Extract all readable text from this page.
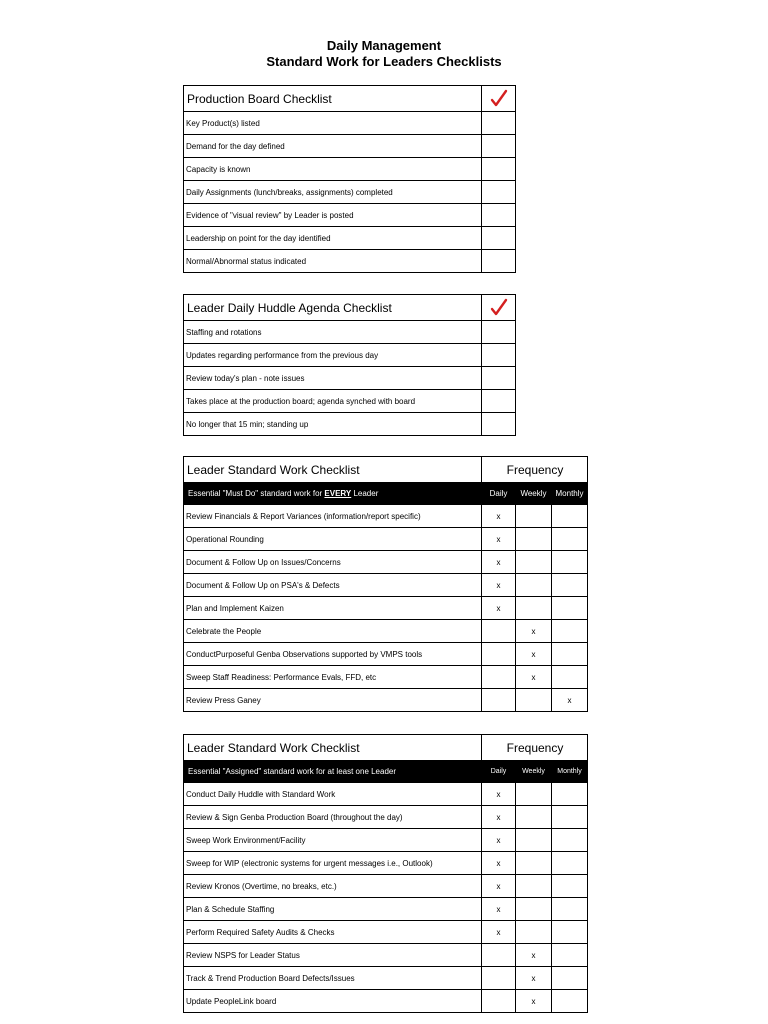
Daily Management
Standard Work for Leaders Checklists
Production Board Checklist	

Key Product(s) listed	
Demand for the day defined	
Capacity is known	
Daily Assignments (lunch/breaks, assignments) completed	
Evidence of "visual review" by Leader is posted	
Leadership on point for the day identified	
Normal/Abnormal status indicated	
Leader Daily Huddle Agenda Checklist	

Staffing and rotations	
Updates regarding performance from the previous day	
Review today's plan - note issues	
Takes place at the production board; agenda synched with board	
No longer that 15 min; standing up	
Leader Standard Work Checklist	Frequency		
Essential "Must Do" standard work for EVERY Leader	Daily	Weekly	Monthly
Review Financials & Report Variances (information/report specific)	x		
Operational Rounding	x		
Document & Follow Up on Issues/Concerns	x		
Document & Follow Up on PSA's & Defects	x		
Plan and Implement Kaizen	x		
Celebrate the People		x	
ConductPurposeful Genba Observations supported by VMPS tools		x	
Sweep Staff Readiness: Performance Evals, FFD, etc		x	
Review Press Ganey			x
Leader Standard Work Checklist	Frequency		
Essential "Assigned" standard work for at least one Leader	Daily	Weekly	Monthly
Conduct Daily Huddle with Standard Work	x		
Review & Sign Genba Production Board (throughout the day)	x		
Sweep Work Environment/Facility	x		
Sweep for WIP (electronic systems for urgent messages i.e., Outlook)	x		
Review Kronos (Overtime, no breaks, etc.)	x		
Plan & Schedule Staffing	x		
Perform Required Safety Audits & Checks	x		
Review NSPS for Leader Status		x	
Track & Trend Production Board Defects/Issues		x	
Update PeopleLink board		x	
